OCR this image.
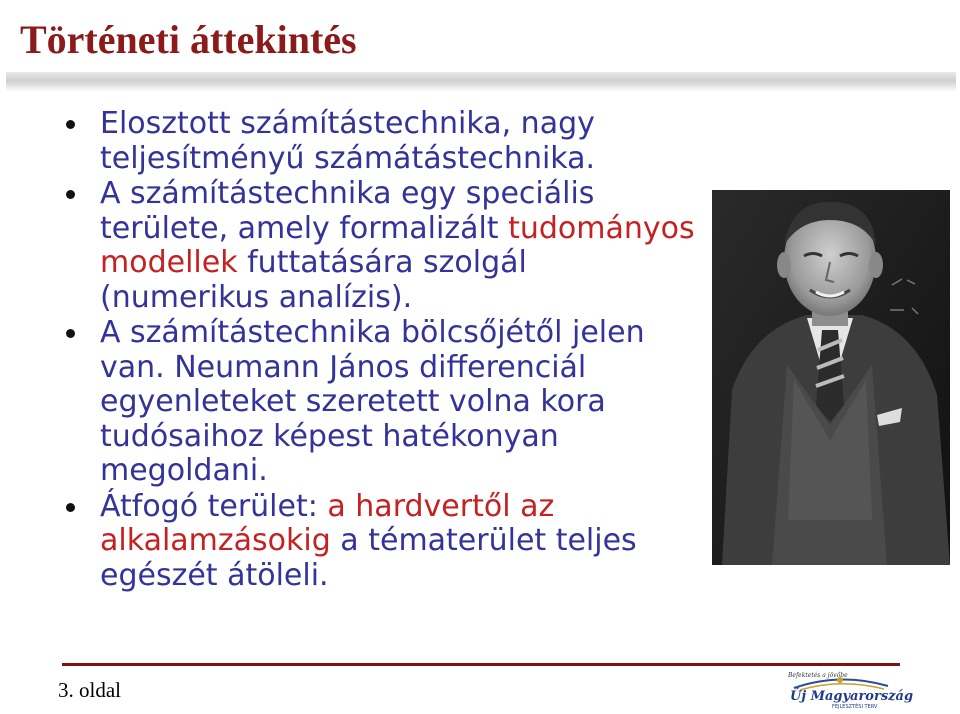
Történeti áttekintés
Elosztott számítástechnika, nagy teljesítményű számátástechnika.
A számítástechnika egy speciális területe, amely formalizált tudományos modellek futtatására szolgál (numerikus analízis).
A számítástechnika bölcsőjétől jelen van. Neumann János differenciál egyenleteket szeretett volna kora tudósaihoz képest hatékonyan megoldani.
Átfogó terület: a hardvertől az alkalamzásokig a tématerület teljes egészét átöleli.
3. oldal
Befektetés a jövőbe
Új Magyarország
FEJLESZTÉSI TERV
